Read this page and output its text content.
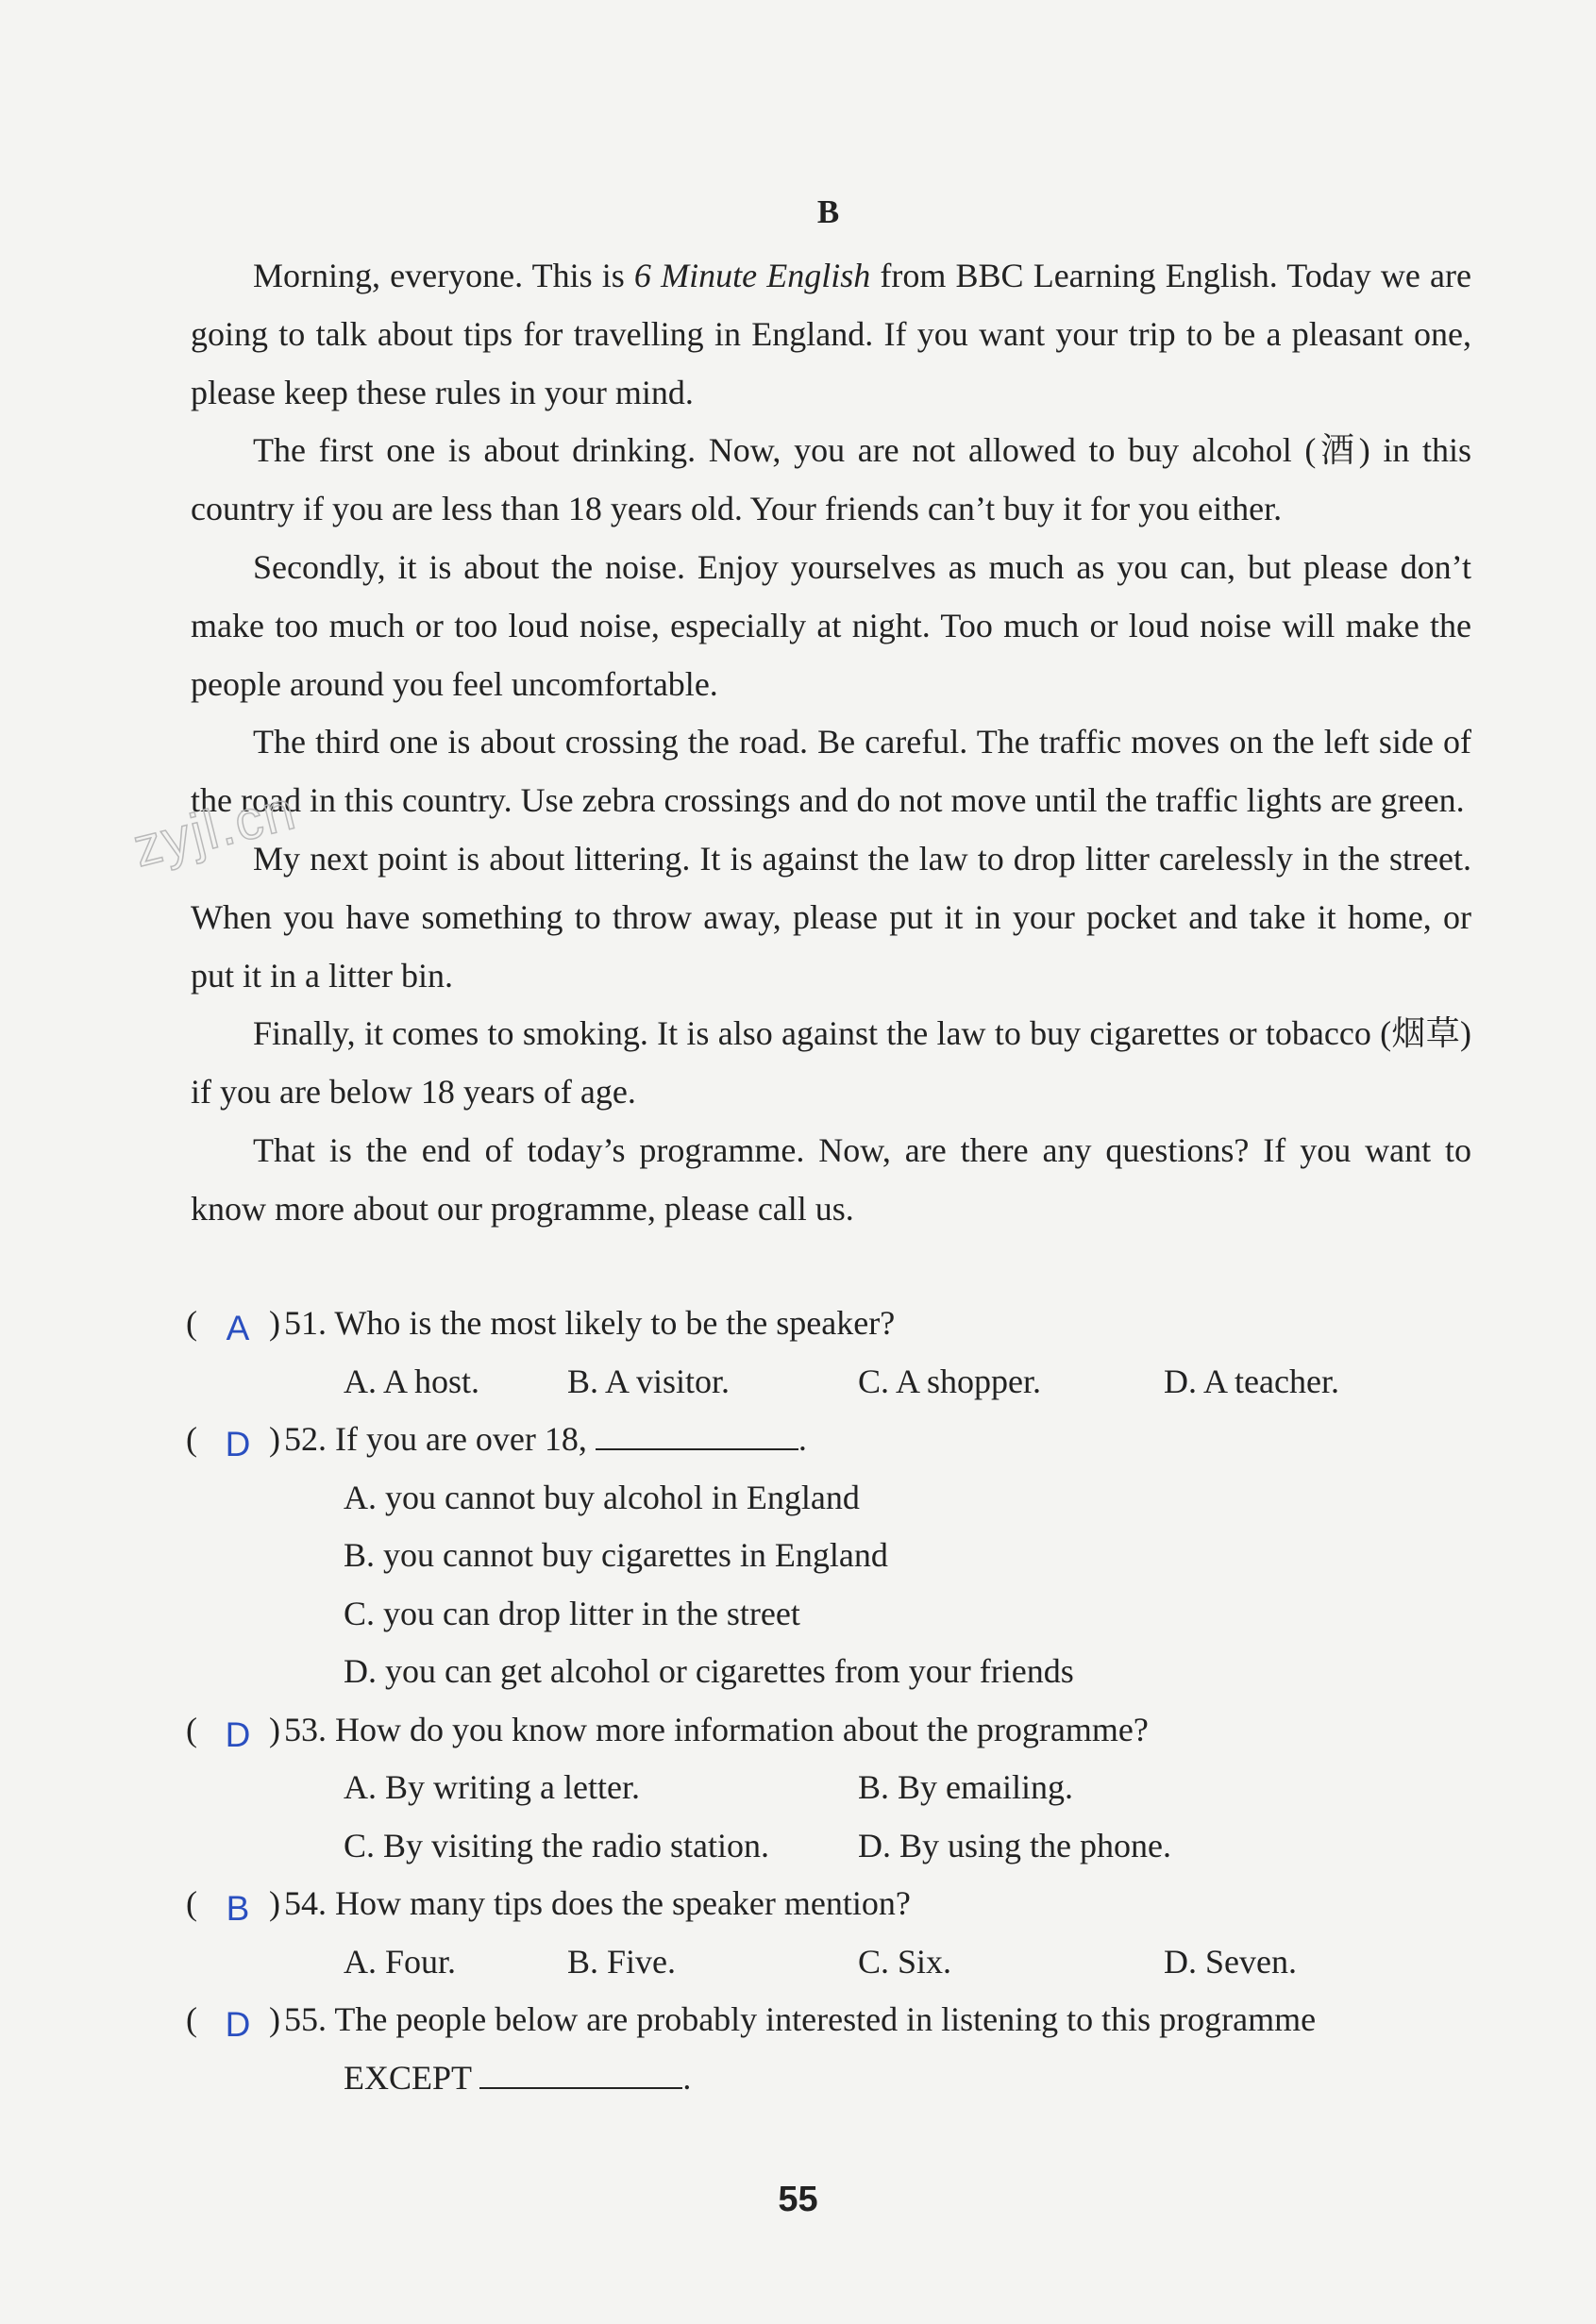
B

Morning, everyone. This is 6 Minute English from BBC Learning English. Today we are going to talk about tips for travelling in England. If you want your trip to be a pleasant one, please keep these rules in your mind.

The first one is about drinking. Now, you are not allowed to buy alcohol (酒) in this country if you are less than 18 years old. Your friends can’t buy it for you either.

Secondly, it is about the noise. Enjoy yourselves as much as you can, but please don’t make too much or too loud noise, especially at night. Too much or loud noise will make the people around you feel uncomfortable.

The third one is about crossing the road. Be careful. The traffic moves on the left side of the road in this country. Use zebra crossings and do not move until the traffic lights are green.

My next point is about littering. It is against the law to drop litter carelessly in the street. When you have something to throw away, please put it in your pocket and take it home, or put it in a litter bin.

Finally, it comes to smoking. It is also against the law to buy cigarettes or tobacco (烟草) if you are below 18 years of age.

That is the end of today’s programme. Now, are there any questions? If you want to know more about our programme, please call us.

zyjl.cn
( A ) 51. Who is the most likely to be the speaker?
A. A host.	B. A visitor.	C. A shopper.	D. A teacher.
( D ) 52. If you are over 18,	.
A. you cannot buy alcohol in England
B. you cannot buy cigarettes in England
C. you can drop litter in the street
D. you can get alcohol or cigarettes from your friends
( D ) 53. How do you know more information about the programme?
A. By writing a letter.	B. By emailing.
C. By visiting the radio station.	D. By using the phone.
( B ) 54. How many tips does the speaker mention?
A. Four.	B. Five.	C. Six.	D. Seven.
( D ) 55. The people below are probably interested in listening to this programme
EXCEPT	.
55
